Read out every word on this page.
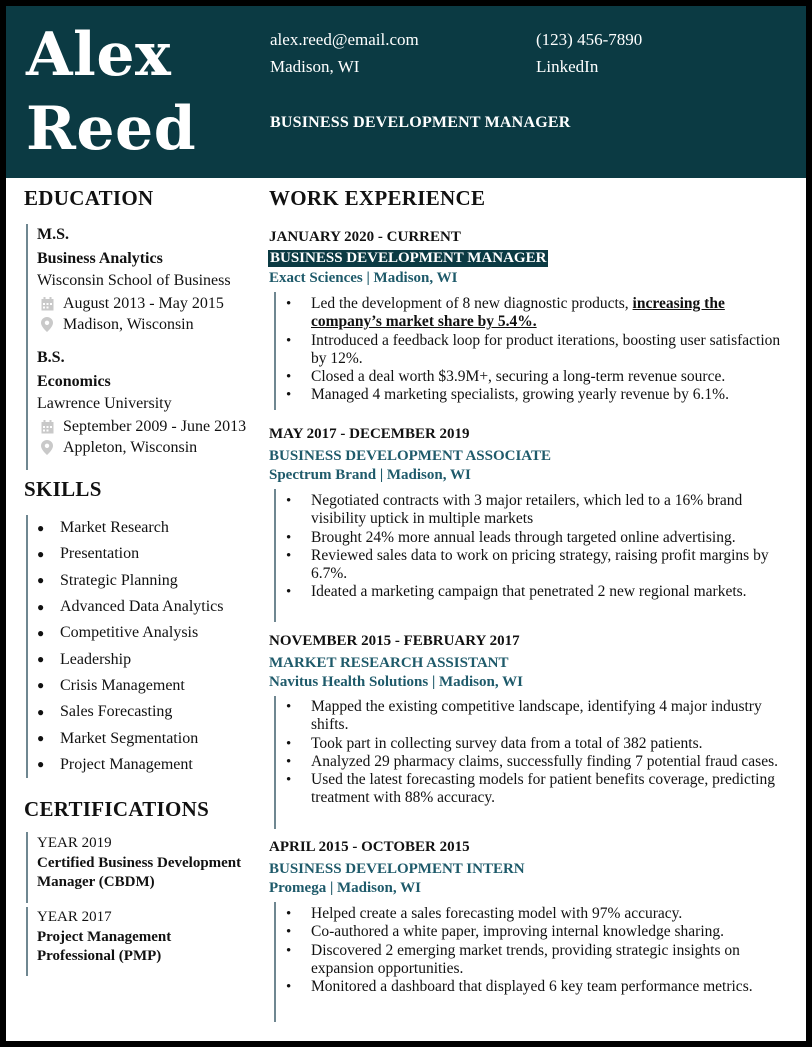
Alex
Reed
alex.reed@email.com	(123) 456-7890
Madison, WI	LinkedIn
BUSINESS DEVELOPMENT MANAGER
EDUCATION
M.S.
Business Analytics
Wisconsin School of Business
August 2013 - May 2015
Madison, Wisconsin
B.S.
Economics
Lawrence University
September 2009 - June 2013
Appleton, Wisconsin
SKILLS
● Market Research
● Presentation
● Strategic Planning
● Advanced Data Analytics
● Competitive Analysis
● Leadership
● Crisis Management
● Sales Forecasting
● Market Segmentation
● Project Management
CERTIFICATIONS
YEAR 2019
Certified Business Development Manager (CBDM)
YEAR 2017
Project Management Professional (PMP)
WORK EXPERIENCE
JANUARY 2020 - CURRENT
BUSINESS DEVELOPMENT MANAGER
Exact Sciences | Madison, WI
• Led the development of 8 new diagnostic products, increasing the company’s market share by 5.4%.
• Introduced a feedback loop for product iterations, boosting user satisfaction by 12%.
• Closed a deal worth $3.9M+, securing a long-term revenue source.
• Managed 4 marketing specialists, growing yearly revenue by 6.1%.
MAY 2017 - DECEMBER 2019
BUSINESS DEVELOPMENT ASSOCIATE
Spectrum Brand | Madison, WI
• Negotiated contracts with 3 major retailers, which led to a 16% brand visibility uptick in multiple markets
• Brought 24% more annual leads through targeted online advertising.
• Reviewed sales data to work on pricing strategy, raising profit margins by 6.7%.
• Ideated a marketing campaign that penetrated 2 new regional markets.
NOVEMBER 2015 - FEBRUARY 2017
MARKET RESEARCH ASSISTANT
Navitus Health Solutions | Madison, WI
• Mapped the existing competitive landscape, identifying 4 major industry shifts.
• Took part in collecting survey data from a total of 382 patients.
• Analyzed 29 pharmacy claims, successfully finding 7 potential fraud cases.
• Used the latest forecasting models for patient benefits coverage, predicting treatment with 88% accuracy.
APRIL 2015 - OCTOBER 2015
BUSINESS DEVELOPMENT INTERN
Promega | Madison, WI
• Helped create a sales forecasting model with 97% accuracy.
• Co-authored a white paper, improving internal knowledge sharing.
• Discovered 2 emerging market trends, providing strategic insights on expansion opportunities.
• Monitored a dashboard that displayed 6 key team performance metrics.
